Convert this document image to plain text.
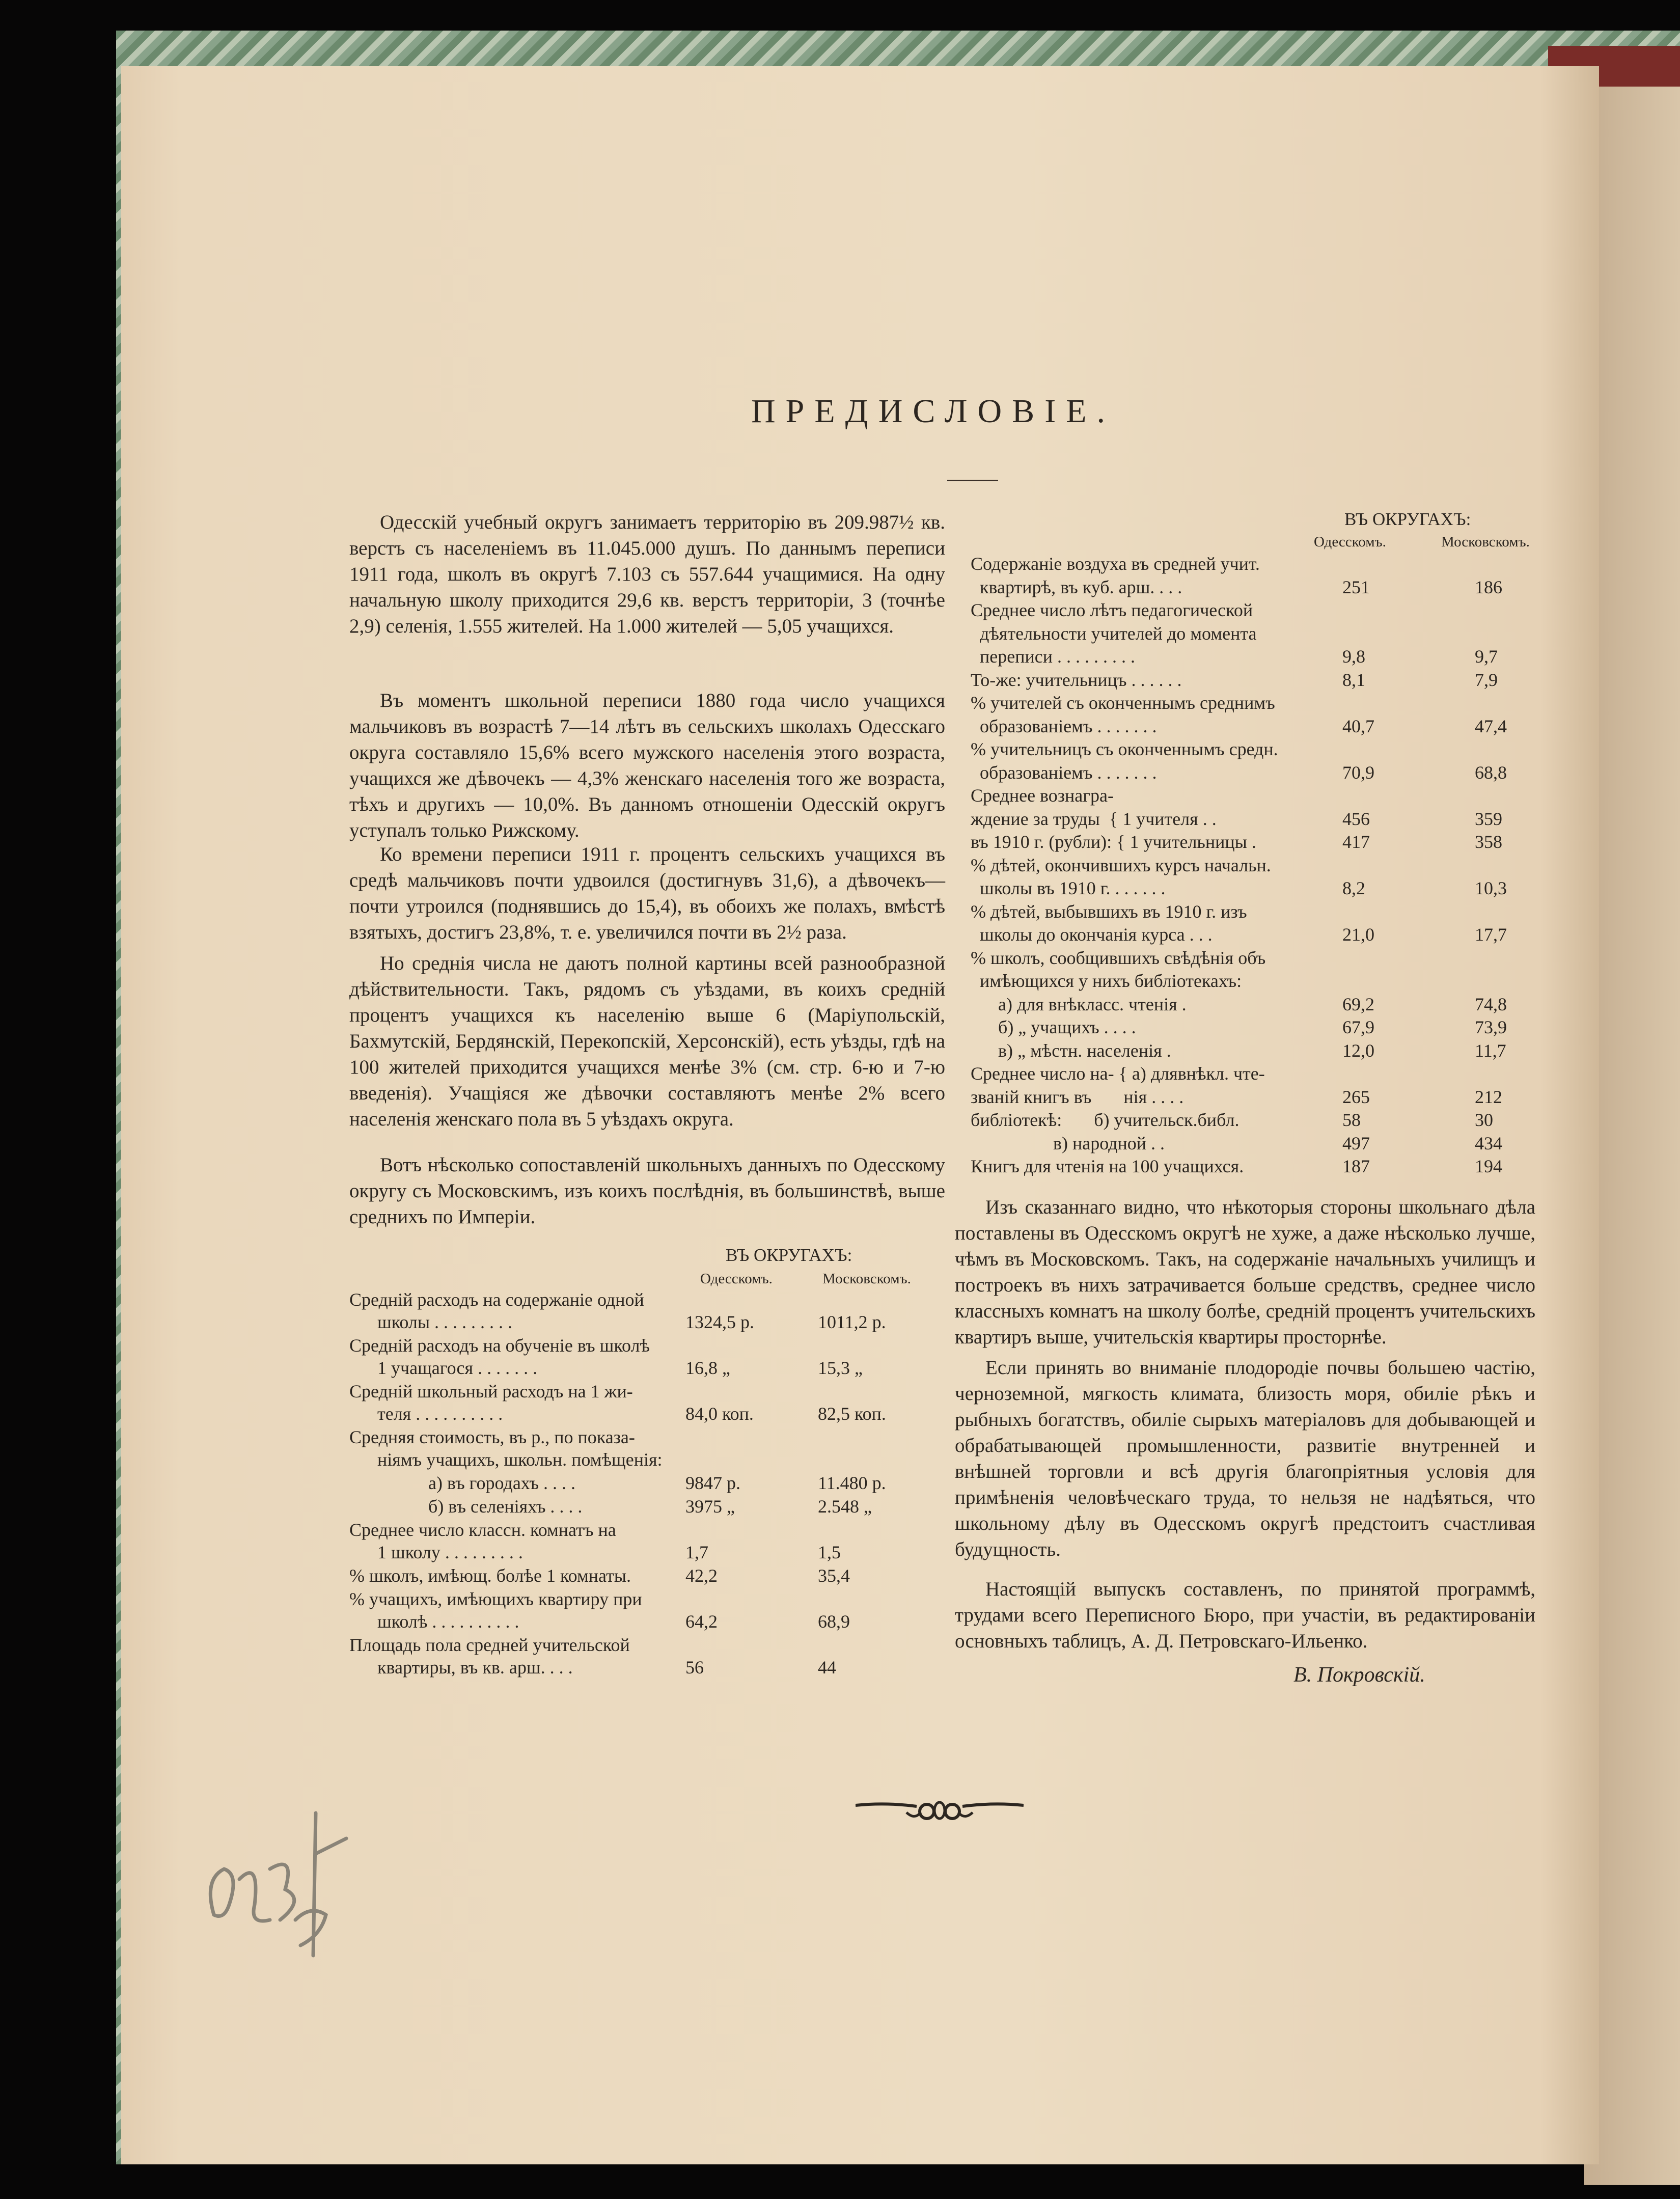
ПРЕДИСЛОВІЕ.
Одесскій учебный округъ занимаетъ территорію въ 209.987½ кв. верстъ съ населеніемъ въ 11.045.000 душъ. По даннымъ переписи 1911 года, школъ въ округѣ 7.103 съ 557.644 учащимися. На одну начальную школу приходится 29,6 кв. верстъ территоріи, 3 (точнѣе 2,9) селенія, 1.555 жителей. На 1.000 жителей — 5,05 учащихся.
Въ моментъ школьной переписи 1880 года число учащихся мальчиковъ въ возрастѣ 7—14 лѣтъ въ сельскихъ школахъ Одесскаго округа составляло 15,6% всего мужского населенія этого возраста, учащихся же дѣвочекъ — 4,3% женскаго населенія того же возраста, тѣхъ и другихъ — 10,0%. Въ данномъ отношеніи Одесскій округъ уступалъ только Рижскому.
Ко времени переписи 1911 г. процентъ сельскихъ учащихся въ средѣ мальчиковъ почти удвоился (достигнувъ 31,6), а дѣвочекъ— почти утроился (поднявшись до 15,4), въ обоихъ же полахъ, вмѣстѣ взятыхъ, достигъ 23,8%, т. е. увеличился почти въ 2½ раза.
Но среднія числа не даютъ полной картины всей разнообразной дѣйствительности. Такъ, рядомъ съ уѣздами, въ коихъ средній процентъ учащихся къ населенію выше 6 (Маріупольскій, Бахмутскій, Бердянскій, Перекопскій, Херсонскій), есть уѣзды, гдѣ на 100 жителей приходится учащихся менѣе 3% (см. стр. 6-ю и 7-ю введенія). Учащіяся же дѣвочки составляютъ менѣе 2% всего населенія женскаго пола въ 5 уѣздахъ округа.
Вотъ нѣсколько сопоставленій школьныхъ данныхъ по Одесскому округу съ Московскимъ, изъ коихъ послѣднія, въ большинствѣ, выше среднихъ по Имперіи.
ВЪ ОКРУГАХЪ:
Одесскомъ.	Московскомъ.
Средній расходъ на содержаніе одной
школы . . . . . . . . .	1324,5 р.	1011,2 р.
Средній расходъ на обученіе въ школѣ
1 учащагося . . . . . . .	16,8 „	15,3 „
Средній школьный расходъ на 1 жи-
теля . . . . . . . . . .	84,0 коп.	82,5 коп.
Средняя стоимость, въ р., по показа-
ніямъ учащихъ, школьн. помѣщенія:
а) въ городахъ . . . .	9847 р.	11.480 р.
б) въ селеніяхъ . . . .	3975 „	2.548 „
Среднее число классн. комнатъ на
1 школу . . . . . . . . .	1,7	1,5
% школъ, имѣющ. болѣе 1 комнаты.	42,2	35,4
% учащихъ, имѣющихъ квартиру при
школѣ . . . . . . . . . .	64,2	68,9
Площадь пола средней учительской
квартиры, въ кв. арш. . . .	56	44
ВЪ ОКРУГАХЪ:
Одесскомъ.	Московскомъ.
Содержаніе воздуха въ средней учит.
квартирѣ, въ куб. арш. . . .	251	186
Среднее число лѣтъ педагогической
дѣятельности учителей до момента
переписи . . . . . . . . .	9,8	9,7
То-же: учительницъ . . . . . .	8,1	7,9
% учителей съ оконченнымъ среднимъ
образованіемъ . . . . . . .	40,7	47,4
% учительницъ съ оконченнымъ средн.
образованіемъ . . . . . . .	70,9	68,8
Среднее вознагра-
ждение за труды  { 1 учителя . .	456	359
въ 1910 г. (рубли): { 1 учительницы .	417	358
% дѣтей, окончившихъ курсъ начальн.
школы въ 1910 г. . . . . . .	8,2	10,3
% дѣтей, выбывшихъ въ 1910 г. изъ
школы до окончанія курса . . .	21,0	17,7
% школъ, сообщившихъ свѣдѣнія объ
имѣющихся у нихъ библіотекахъ:
а) для внѣкласс. чтенія .	69,2	74,8
б) „ учащихъ . . . .	67,9	73,9
в) „ мѣстн. населенія .	12,0	11,7
Среднее число на- { а) длявнѣкл. чте-
званій книгъ въ       нія . . . .	265	212
библіотекѣ:       б) учительск.библ.	58	30
в) народной . .	497	434
Книгъ для чтенія на 100 учащихся.	187	194
Изъ сказаннаго видно, что нѣкоторыя стороны школьнаго дѣла поставлены въ Одесскомъ округѣ не хуже, а даже нѣсколько лучше, чѣмъ въ Московскомъ. Такъ, на содержаніе начальныхъ училищъ и построекъ въ нихъ затрачивается больше средствъ, среднее число классныхъ комнатъ на школу болѣе, средній процентъ учительскихъ квартиръ выше, учительскія квартиры просторнѣе.
Если принять во вниманіе плодородіе почвы большею частію, черноземной, мягкость климата, близость моря, обиліе рѣкъ и рыбныхъ богатствъ, обиліе сырыхъ матеріаловъ для добывающей и обрабатывающей промышленности, развитіе внутренней и внѣшней торговли и всѣ другія благопріятныя условія для примѣненія человѣческаго труда, то нельзя не надѣяться, что школьному дѣлу въ Одесскомъ округѣ предстоитъ счастливая будущность.
Настоящій выпускъ составленъ, по принятой программѣ, трудами всего Переписного Бюро, при участіи, въ редактированіи основныхъ таблицъ, А. Д. Петровскаго-Ильенко.
В. Покровскій.
